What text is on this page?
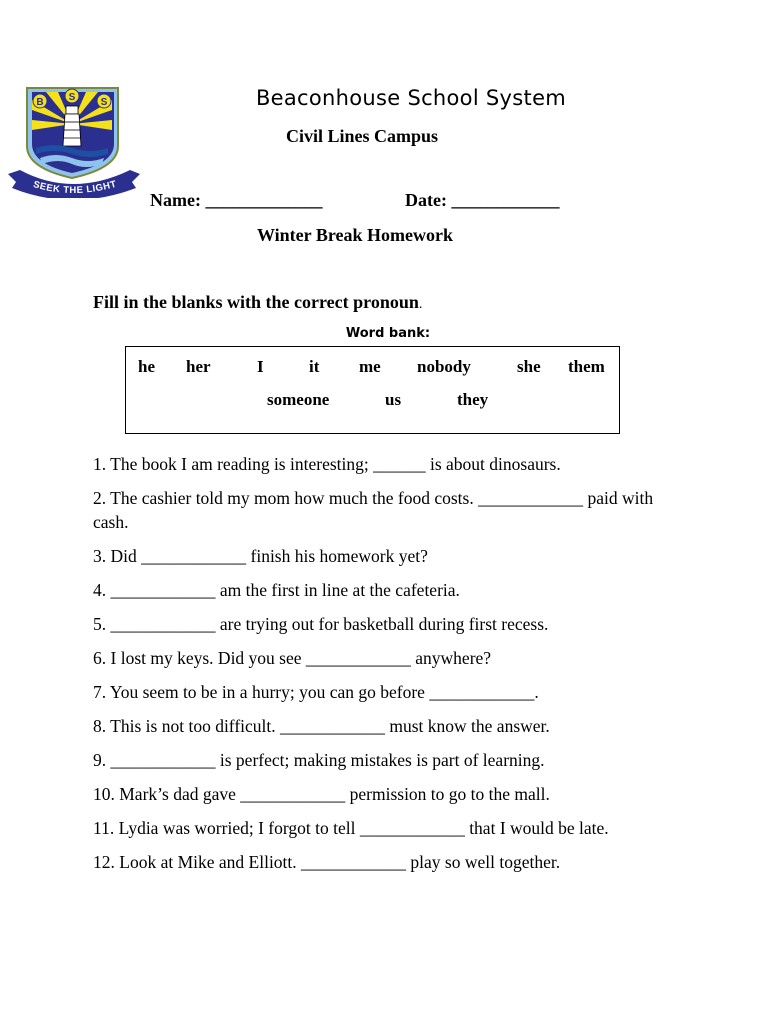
B	S	S
SEEK THE LIGHT
Beaconhouse School System
Civil Lines Campus
Name: _____________	Date: ____________
Winter Break Homework
Fill in the blanks with the correct pronoun.
Word bank:
he her	I	it me nobody	she them
someone	us	they

1. The book I am reading is interesting; ______ is about dinosaurs.

2. The cashier told my mom how much the food costs. ____________ paid with cash.

3. Did ____________ finish his homework yet?

4. ____________ am the first in line at the cafeteria.

5. ____________ are trying out for basketball during first recess.

6. I lost my keys. Did you see ____________ anywhere?

7. You seem to be in a hurry; you can go before ____________.

8. This is not too difficult. ____________ must know the answer.

9. ____________ is perfect; making mistakes is part of learning.

10. Mark’s dad gave ____________ permission to go to the mall.

11. Lydia was worried; I forgot to tell ____________ that I would be late.

12. Look at Mike and Elliott. ____________ play so well together.
